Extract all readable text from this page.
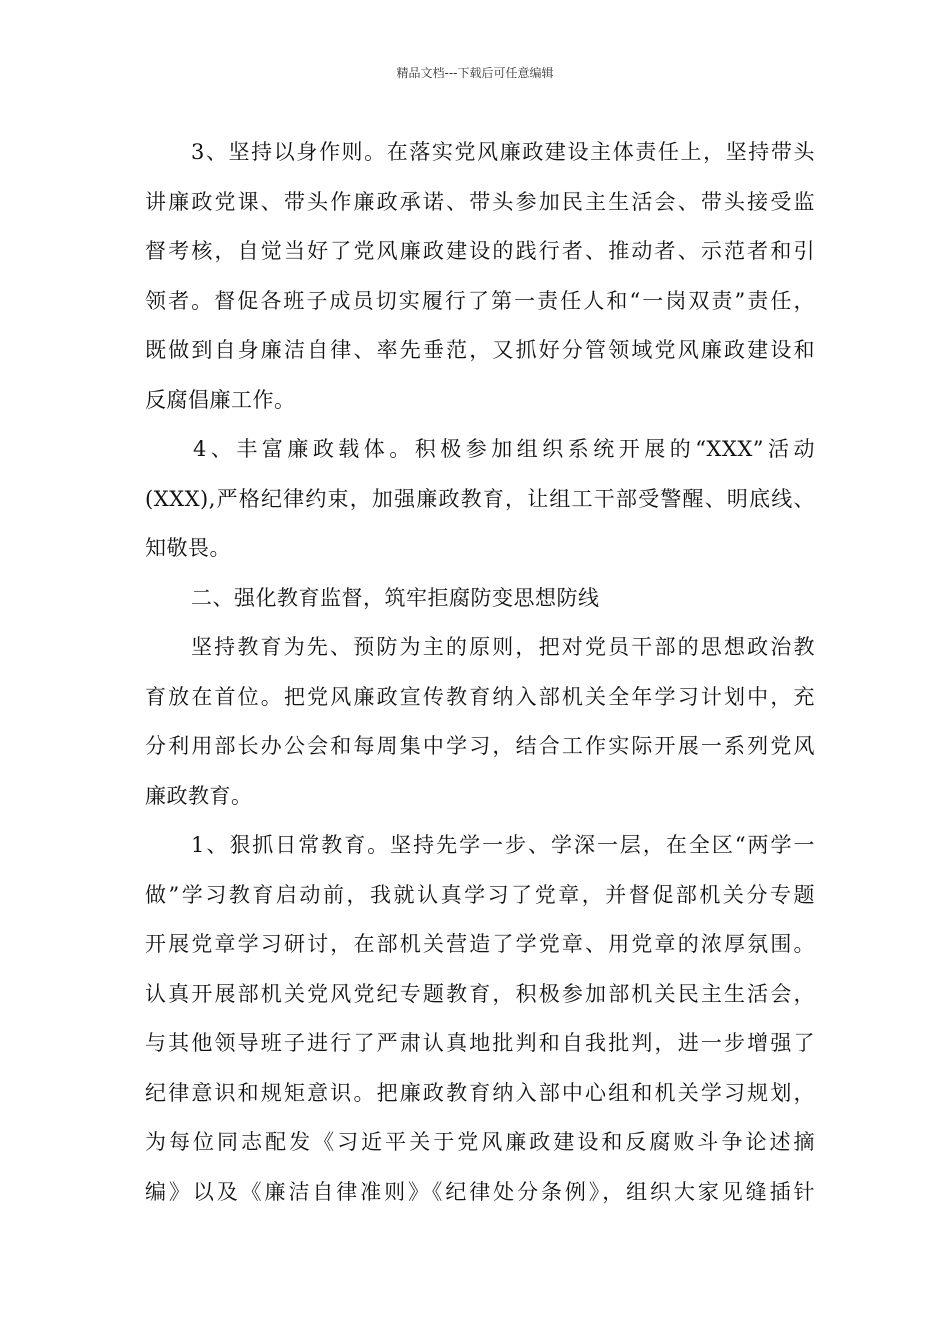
精品文档---下载后可任意编辑
3、坚持以身作则。在落实党风廉政建设主体责任上，坚持带头
讲廉政党课、带头作廉政承诺、带头参加民主生活会、带头接受监
督考核，自觉当好了党风廉政建设的践行者、推动者、示范者和引
领者。督促各班子成员切实履行了第一责任人和“一岗双责”责任，
既做到自身廉洁自律、率先垂范，又抓好分管领域党风廉政建设和
反腐倡廉工作。
4、丰富廉政载体。积极参加组织系统开展的“XXX”活动
(XXX),严格纪律约束，加强廉政教育，让组工干部受警醒、明底线、
知敬畏。
二、强化教育监督，筑牢拒腐防变思想防线
坚持教育为先、预防为主的原则，把对党员干部的思想政治教
育放在首位。把党风廉政宣传教育纳入部机关全年学习计划中，充
分利用部长办公会和每周集中学习，结合工作实际开展一系列党风
廉政教育。
1、狠抓日常教育。坚持先学一步、学深一层，在全区“两学一
做”学习教育启动前，我就认真学习了党章，并督促部机关分专题
开展党章学习研讨，在部机关营造了学党章、用党章的浓厚氛围。
认真开展部机关党风党纪专题教育，积极参加部机关民主生活会，
与其他领导班子进行了严肃认真地批判和自我批判，进一步增强了
纪律意识和规矩意识。把廉政教育纳入部中心组和机关学习规划，
为每位同志配发《习近平关于党风廉政建设和反腐败斗争论述摘
编》以及《廉洁自律准则》《纪律处分条例》，组织大家见缝插针
